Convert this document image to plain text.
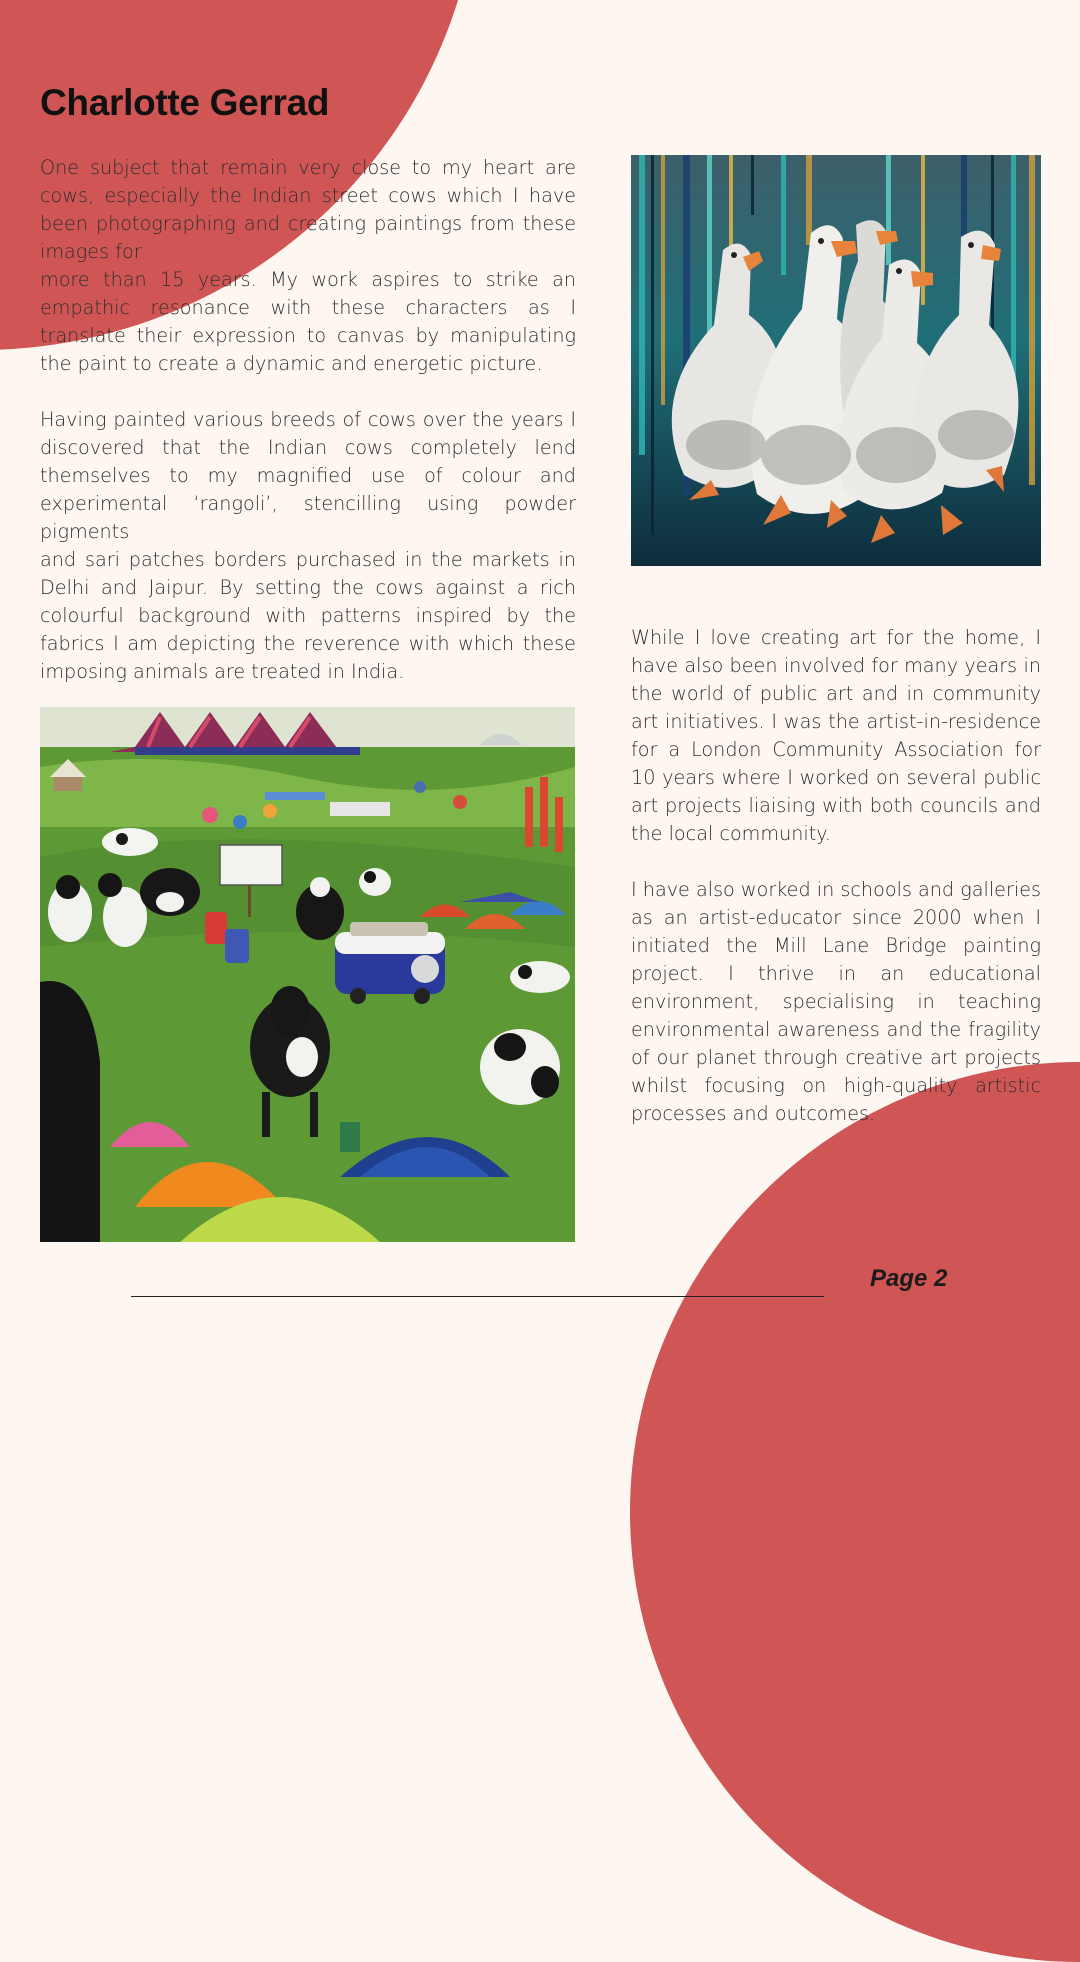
Charlotte Gerrad

One subject that remain very close to my heart are cows, especially the Indian street cows which I have been photographing and creating paintings from these images for
more than 15 years. My work aspires to strike an empathic resonance with these characters as I translate their expression to canvas by manipulating the paint to create a dynamic and energetic picture.

Having painted various breeds of cows over the years I discovered that the Indian cows completely lend themselves to my magnified use of colour and experimental ‘rangoli’, stencilling using powder pigments
and sari patches borders purchased in the markets in Delhi and Jaipur. By setting the cows against a rich colourful background with patterns inspired by the fabrics I am depicting the reverence with which these imposing animals are treated in India.

While I love creating art for the home, I have also been involved for many years in the world of public art and in community art initiatives. I was the artist-in-residence for a London Community Association for 10 years where I worked on several public art projects liaising with both councils and the local community.

I have also worked in schools and galleries as an artist-educator since 2000 when I initiated the Mill Lane Bridge painting project. I thrive in an educational environment, specialising in teaching environmental awareness and the fragility of our planet through creative art projects whilst focusing on high-quality artistic processes and outcomes.

Page 2
